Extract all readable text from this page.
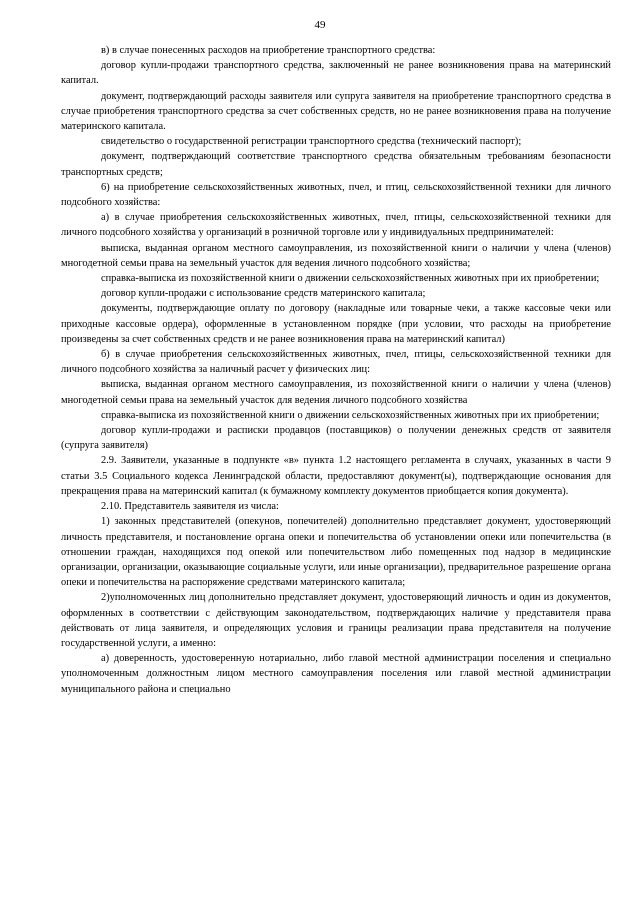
49

в) в случае понесенных расходов на приобретение транспортного средства:

договор купли-продажи транспортного средства, заключенный не ранее возникновения права на материнский капитал.

документ, подтверждающий расходы заявителя или супруга заявителя на приобретение транспортного средства в случае приобретения транспортного средства за счет собственных средств, но не ранее возникновения права на получение материнского капитала.

свидетельство о государственной регистрации транспортного средства (технический паспорт);

документ, подтверждающий соответствие транспортного средства обязательным требованиям безопасности транспортных средств;

6) на приобретение сельскохозяйственных животных, пчел, и птиц, сельскохозяйственной техники для личного подсобного хозяйства:

а) в случае приобретения сельскохозяйственных животных, пчел, птицы, сельскохозяйственной техники для личного подсобного хозяйства у организаций в розничной торговле или у индивидуальных предпринимателей:

выписка, выданная органом местного самоуправления, из похозяйственной книги о наличии у члена (членов) многодетной семьи права на земельный участок для ведения личного подсобного хозяйства;

справка-выписка из похозяйственной книги о движении сельскохозяйственных животных при их приобретении;

договор купли-продажи с использование средств материнского капитала;

документы, подтверждающие оплату по договору (накладные или товарные чеки, а также кассовые чеки или приходные кассовые ордера), оформленные в установленном порядке (при условии, что расходы на приобретение произведены за счет собственных средств и не ранее возникновения права на материнский капитал)

б) в случае приобретения сельскохозяйственных животных, пчел, птицы, сельскохозяйственной техники для личного подсобного хозяйства за наличный расчет у физических лиц:

выписка, выданная органом местного самоуправления, из похозяйственной книги о наличии у члена (членов) многодетной семьи права на земельный участок для ведения личного подсобного хозяйства

справка-выписка из похозяйственной книги о движении сельскохозяйственных животных при их приобретении;

договор купли-продажи и расписки продавцов (поставщиков) о получении денежных средств от заявителя (супруга заявителя)

2.9. Заявители, указанные в подпункте «в» пункта 1.2 настоящего регламента в случаях, указанных в части 9 статьи 3.5 Социального кодекса Ленинградской области, предоставляют документ(ы), подтверждающие основания для прекращения права на материнский капитал (к бумажному комплекту документов приобщается копия документа).

2.10. Представитель заявителя из числа:

1) законных представителей (опекунов, попечителей) дополнительно представляет документ, удостоверяющий личность представителя, и постановление органа опеки и попечительства об установлении опеки или попечительства (в отношении граждан, находящихся под опекой или попечительством либо помещенных под надзор в медицинские организации, организации, оказывающие социальные услуги, или иные организации), предварительное разрешение органа опеки и попечительства на распоряжение средствами материнского капитала;

2)уполномоченных лиц дополнительно представляет документ, удостоверяющий личность и один из документов, оформленных в соответствии с действующим законодательством, подтверждающих наличие у представителя права действовать от лица заявителя, и определяющих условия и границы реализации права представителя на получение государственной услуги, а именно:

а) доверенность, удостоверенную нотариально, либо главой местной администрации поселения и специально уполномоченным должностным лицом местного самоуправления поселения или главой местной администрации муниципального района и специально
